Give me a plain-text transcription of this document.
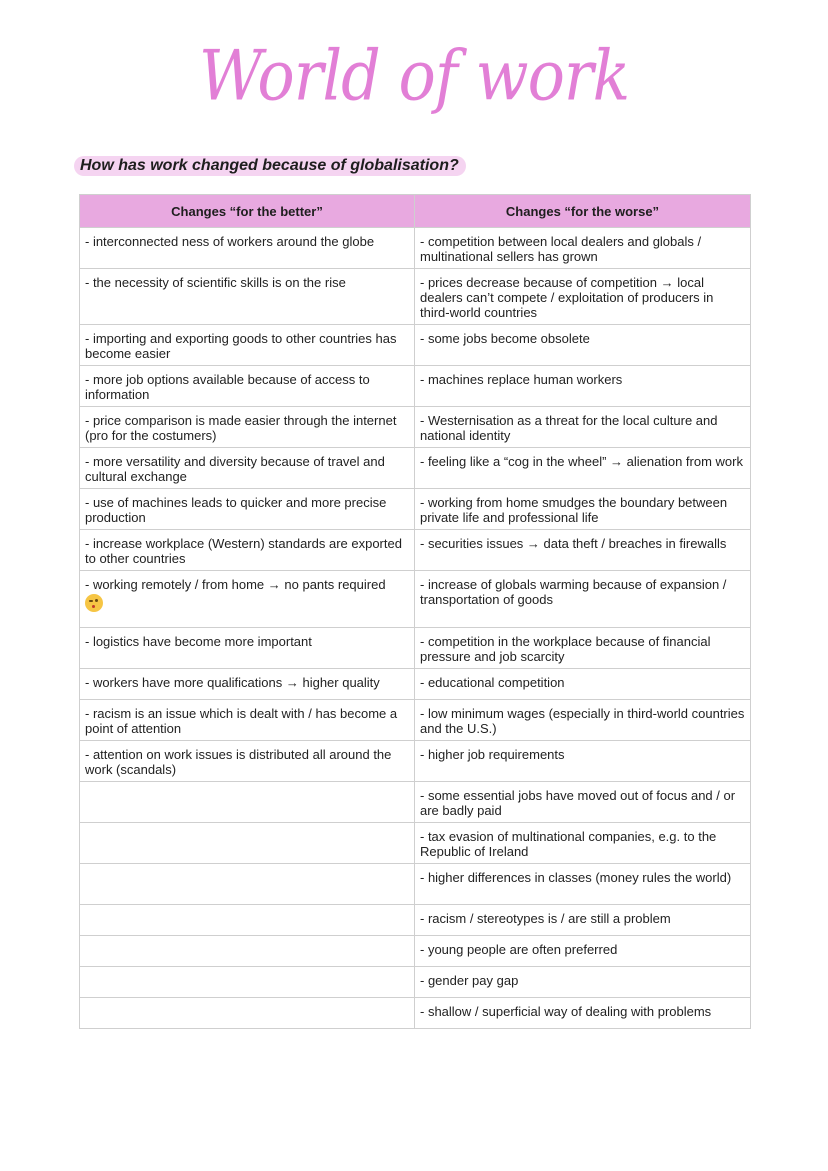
World of work
How has work changed because of globalisation?
Changes “for the better”	Changes “for the worse”
- interconnected ness of workers around the globe	- competition between local dealers and globals / multinational sellers has grown
- the necessity of scientific skills is on the rise	- prices decrease because of competition → local dealers can’t compete / exploitation of producers in third-world countries
- importing and exporting goods to other countries has become easier	- some jobs become obsolete
- more job options available because of access to information	- machines replace human workers
- price comparison is made easier through the internet (pro for the costumers)	- Westernisation as a threat for the local culture and national identity
- more versatility and diversity because of travel and cultural exchange	- feeling like a “cog in the wheel” → alienation from work
- use of machines leads to quicker and more precise production	- working from home smudges the boundary between private life and professional life
- increase workplace (Western) standards are exported to other countries	- securities issues → data theft / breaches in firewalls
- working remotely / from home → no pants required	- increase of globals warming because of expansion / transportation of goods
- logistics have become more important	- competition in the workplace because of financial pressure and job scarcity
- workers have more qualifications → higher quality	- educational competition
- racism is an issue which is dealt with / has become a point of attention	- low minimum wages (especially in third-world countries and the U.S.)
- attention on work issues is distributed all around the work (scandals)	- higher job requirements
	- some essential jobs have moved out of focus and / or are badly paid
	- tax evasion of multinational companies, e.g. to the Republic of Ireland
	- higher differences in classes (money rules the world)
	- racism / stereotypes is / are still a problem
	- young people are often preferred
	- gender pay gap
	- shallow / superficial way of dealing with problems
